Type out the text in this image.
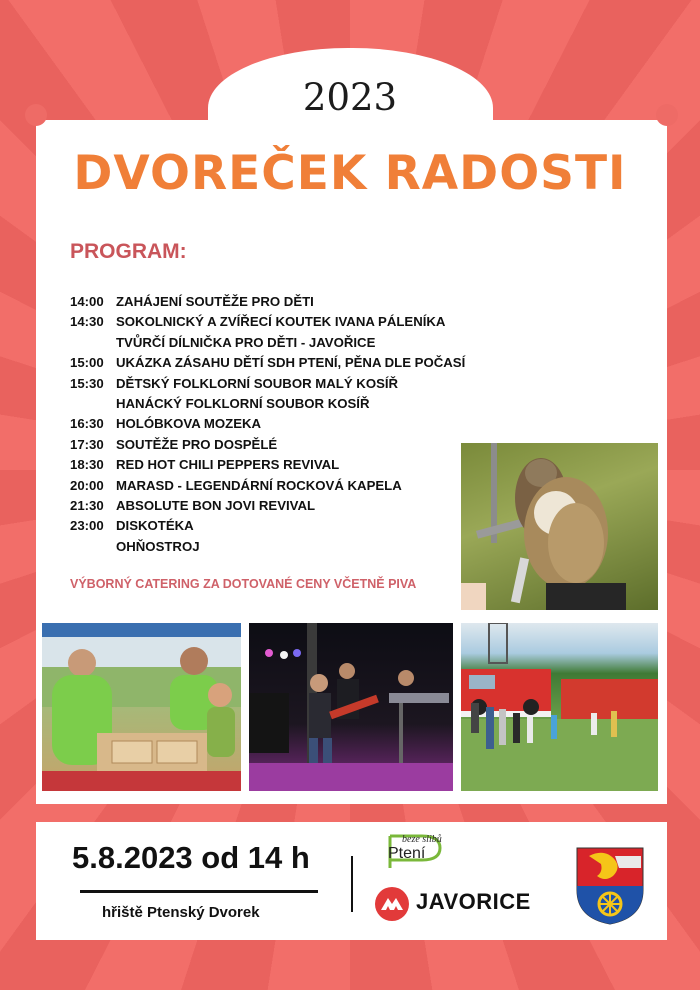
2023
DVOREČEK RADOSTI
PROGRAM:
14:00 ZAHÁJENÍ SOUTĚŽE PRO DĚTI
14:30 SOKOLNICKÝ A ZVÍŘECÍ KOUTEK IVANA PÁLENÍKA
TVŮRČÍ DÍLNIČKA PRO DĚTI - JAVOŘICE
15:00 UKÁZKA ZÁSAHU DĚTÍ SDH PTENÍ, PĚNA DLE POČASÍ
15:30 DĚTSKÝ FOLKLORNÍ SOUBOR MALÝ KOSÍŘ
HANÁCKÝ FOLKLORNÍ SOUBOR KOSÍŘ
16:30 HOLÓBKOVA MOZEKA
17:30 SOUTĚŽE PRO DOSPĚLÉ
18:30 RED HOT CHILI PEPPERS REVIVAL
20:00 MARASD - LEGENDÁRNÍ ROCKOVÁ KAPELA
21:30 ABSOLUTE BON JOVI REVIVAL
23:00 DISKOTÉKA
OHŇOSTROJ
VÝBORNÝ CATERING ZA DOTOVANÉ CENY VČETNĚ PIVA
5.8.2023 od 14 h
hřiště Ptenský Dvorek
beze slibů
Ptení
JAVORICE
